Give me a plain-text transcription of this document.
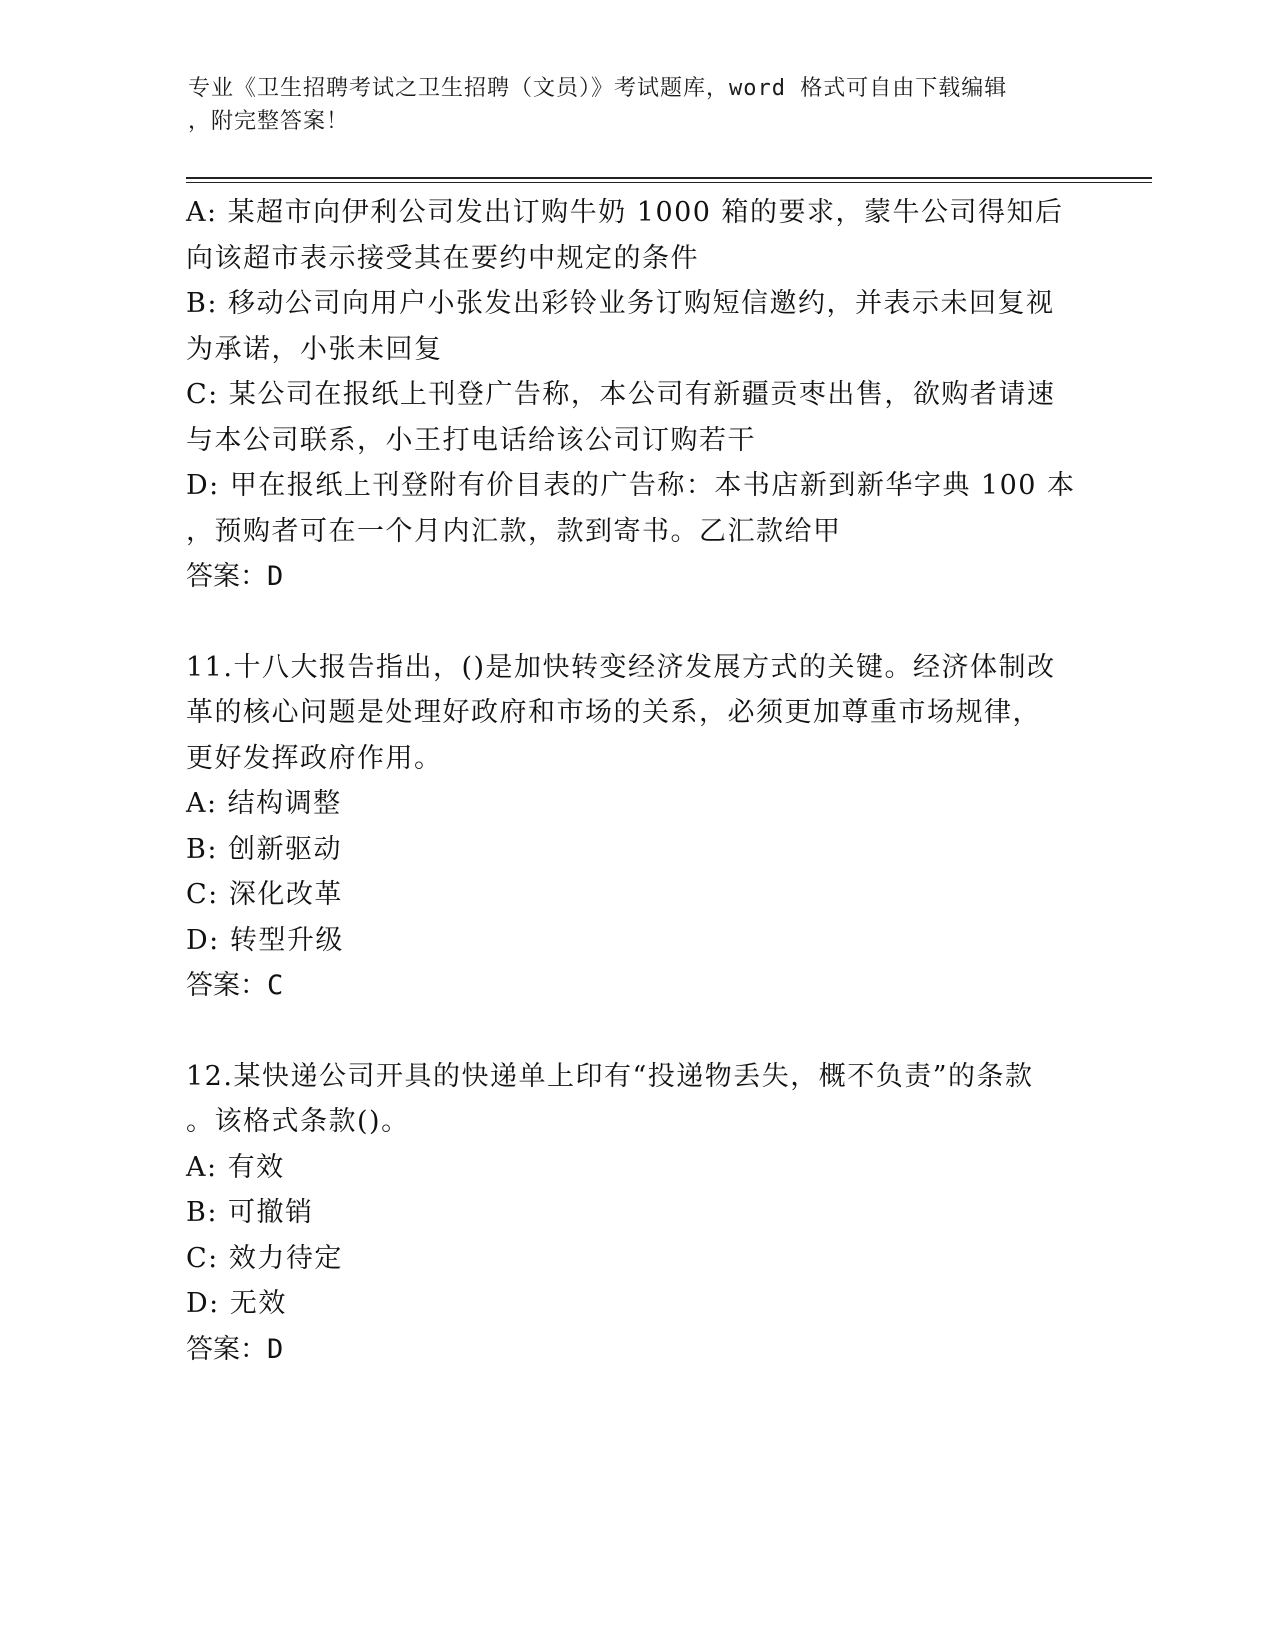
专业《卫生招聘考试之卫生招聘（文员）》考试题库，word 格式可自由下载编辑
，附完整答案！
A: 某超市向伊利公司发出订购牛奶 1000 箱的要求，蒙牛公司得知后
向该超市表示接受其在要约中规定的条件
B: 移动公司向用户小张发出彩铃业务订购短信邀约，并表示未回复视
为承诺，小张未回复
C: 某公司在报纸上刊登广告称，本公司有新疆贡枣出售，欲购者请速
与本公司联系，小王打电话给该公司订购若干
D: 甲在报纸上刊登附有价目表的广告称：本书店新到新华字典 100 本
，预购者可在一个月内汇款，款到寄书。乙汇款给甲
答案：D
11.十八大报告指出，()是加快转变经济发展方式的关键。经济体制改
革的核心问题是处理好政府和市场的关系，必须更加尊重市场规律，
更好发挥政府作用。
A: 结构调整
B: 创新驱动
C: 深化改革
D: 转型升级
答案：C
12.某快递公司开具的快递单上印有“投递物丢失，概不负责”的条款
。该格式条款()。
A: 有效
B: 可撤销
C: 效力待定
D: 无效
答案：D
